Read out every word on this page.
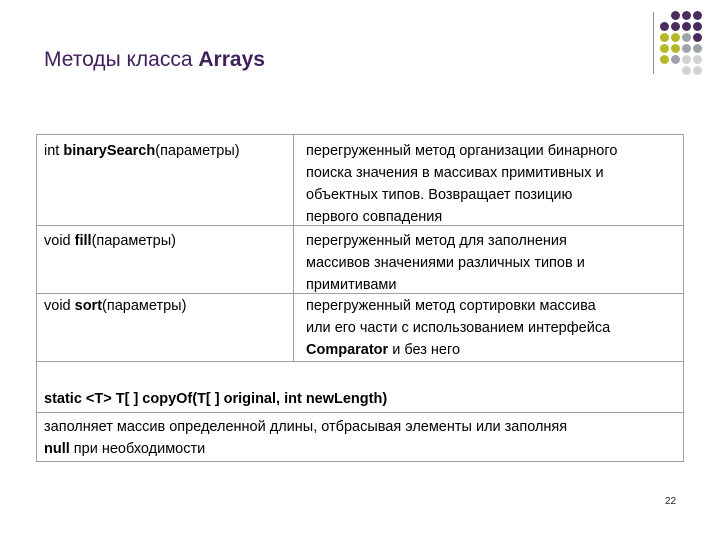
Методы класса Arrays
int binarySearch(параметры)	перегруженный метод организации бинарного
поиска значения в массивах примитивных и
объектных типов. Возвращает позицию
первого совпадения
void fill(параметры)	перегруженный метод для заполнения
массивов значениями различных типов и
примитивами
void sort(параметры)	перегруженный метод сортировки массива
или его части с использованием интерфейса
Comparator и без него
static <T> T[ ] copyOf(T[ ] original, int newLength)
заполняет массив определенной длины, отбрасывая элементы или заполняя
null при необходимости
22
